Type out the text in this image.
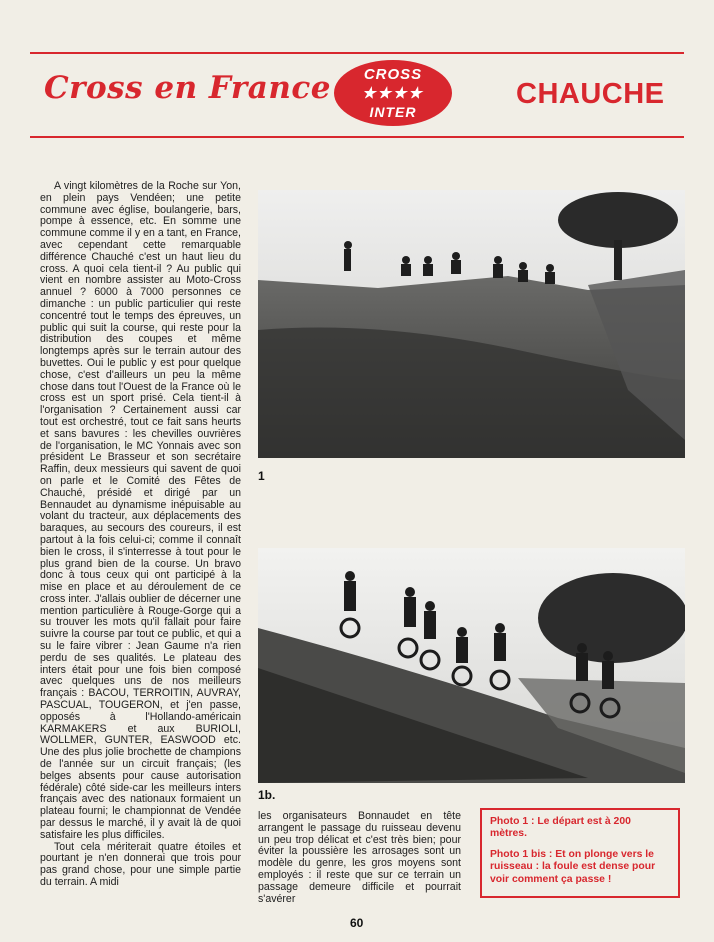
Cross en France	CROSS
★★★★
INTER
CHAUCHE

A vingt kilomètres de la Roche sur Yon, en plein pays Vendéen; une petite commune avec église, boulangerie, bars, pompe à essence, etc. En somme une commune comme il y en a tant, en France, avec cependant cette remarquable différence Chauché c'est un haut lieu du cross. A quoi cela tient-il ? Au public qui vient en nombre assister au Moto-Cross annuel ? 6000 à 7000 personnes ce dimanche : un public particulier qui reste concentré tout le temps des épreuves, un public qui suit la course, qui reste pour la distribution des coupes et même longtemps après sur le terrain autour des buvettes. Oui le public y est pour quelque chose, c'est d'ailleurs un peu la même chose dans tout l'Ouest de la France où le cross est un sport prisé. Cela tient-il à l'organisation ? Certainement aussi car tout est orchestré, tout ce fait sans heurts et sans bavures : les chevilles ouvrières de l'organisation, le MC Yonnais avec son président Le Brasseur et son secrétaire Raffin, deux messieurs qui savent de quoi on parle et le Comité des Fêtes de Chauché, présidé et dirigé par un Bennaudet au dynamisme inépuisable au volant du tracteur, aux déplacements des baraques, au secours des coureurs, il est partout à la fois celui-ci; comme il connaît bien le cross, il s'interresse à tout pour le plus grand bien de la course. Un bravo donc à tous ceux qui ont participé à la mise en place et au déroulement de ce cross inter. J'allais oublier de décerner une mention particulière à Rouge-Gorge qui a su trouver les mots qu'il fallait pour faire suivre la course par tout ce public, et qui a su le faire vibrer : Jean Gaume n'a rien perdu de ses qualités. Le plateau des inters était pour une fois bien composé avec quelques uns de nos meilleurs français : BACOU, TERROITIN, AUVRAY, PASCUAL, TOUGERON, et j'en passe, opposés à l'Hollando-américain KARMAKERS et aux BURIOLI, WOLLMER, GUNTER, EASWOOD etc. Une des plus jolie brochette de champions de l'année sur un circuit français; (les belges absents pour cause autorisation fédérale) côté side-car les meilleurs inters français avec des nationaux formaient un plateau fourni; le championnat de Vendée par dessus le marché, il y avait là de quoi satisfaire les plus difficiles.

Tout cela mériterait quatre étoiles et pourtant je n'en donnerai que trois pour pas grand chose, pour une simple partie du terrain. A midi

1
1b.

les organisateurs Bonnaudet en tête arrangent le passage du ruisseau devenu un peu trop délicat et c'est très bien; pour éviter la poussière les arrosages sont un modèle du genre, les gros moyens sont employés : il reste que sur ce terrain un passage demeure difficile et pourrait s'avérer

Photo 1 : Le départ est à 200 mètres.

Photo 1 bis : Et on plonge vers le ruisseau : la foule est dense pour voir comment ça passe !

60
